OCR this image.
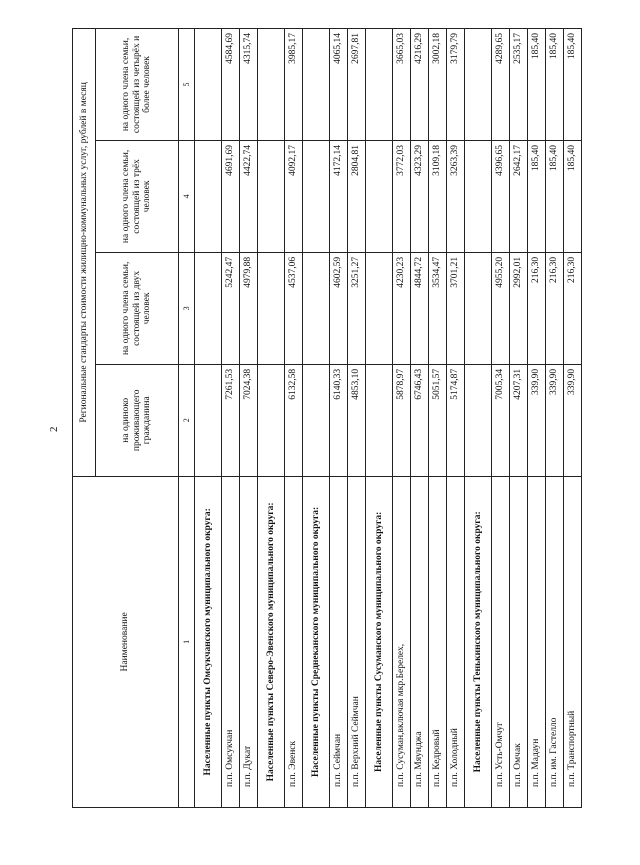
2
Наименование	Региональные стандарты стоимости жилищно-коммунальных услуг, рублей в месяц			
	на одиноко проживающего гражданина	на одного члена семьи, состоящей из двух человек	на одного члена семьи, состоящей из трёх человек	на одного члена семьи, состоящей из четырёх и более человек
1	2	3	4	5
Населенные пункты Омсукчанского муниципального округа:				
п.п. Омсукчан	7261,53	5242,47	4691,69	4584,69
п.п. Дукат	7024,38	4979,88	4422,74	4315,74
Населенные пункты Северо-Эвенского муниципального округа:				
п.п. Эвенск	6132,58	4537,06	4092,17	3985,17
Населенные пункты Среднеканского муниципального округа:				
п.п. Сеймчан	6140,33	4602,59	4172,14	4065,14
п.п. Верхний Сеймчан	4853,10	3251,27	2804,81	2697,81
Населенные пункты Сусуманского муниципального округа:				
п.п. Сусуман,включая мкр.Берелех,	5878,97	4230,23	3772,03	3665,03
п.п. Мяунджа	6746,43	4844,72	4323,29	4216,29
п.п. Кедровый	5051,57	3534,47	3109,18	3002,18
п.п. Холодный	5174,87	3701,21	3263,39	3179,79
Населенные пункты Тенькинского муниципального округа:				
п.п. Усть-Омчуг	7005,34	4955,20	4396,65	4289,65
п.п. Омчак	4207,31	2992,01	2642,17	2535,17
п.п. Мадаун	339,90	216,30	185,40	185,40
п.п. им. Гастелло	339,90	216,30	185,40	185,40
п.п. Транспортный	339,90	216,30	185,40	185,40
